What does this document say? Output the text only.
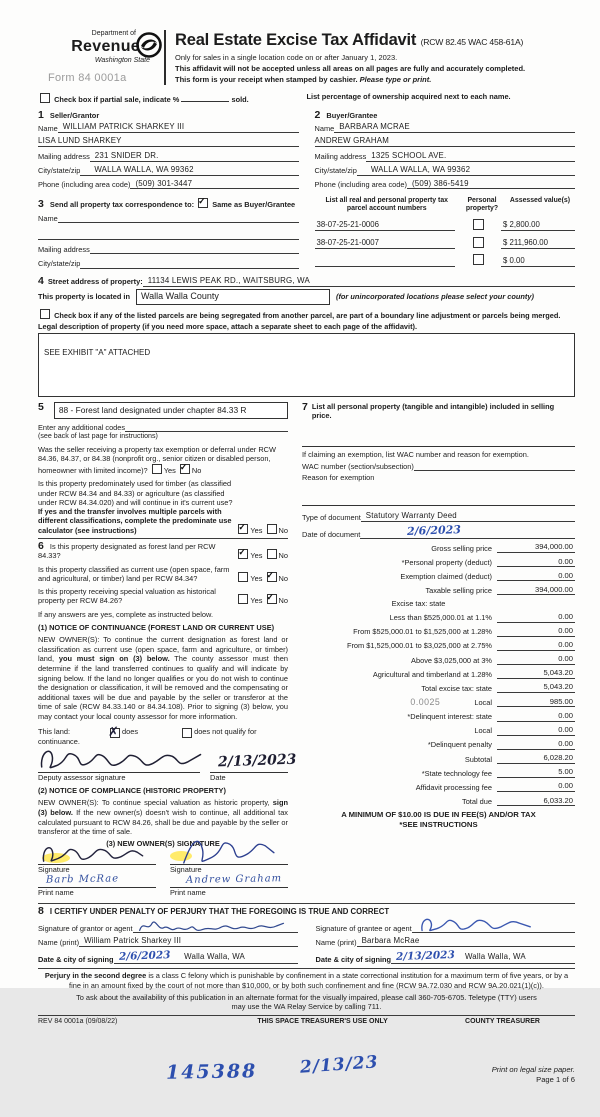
Department of
Revenue
Washington State
Form 84 0001a
Real Estate Excise Tax Affidavit (RCW 82.45 WAC 458-61A)
Only for sales in a single location code on or after January 1, 2023.
This affidavit will not be accepted unless all areas on all pages are fully and accurately completed.
This form is your receipt when stamped by cashier. Please type or print.
Check box if partial sale, indicate %	sold.	List percentage of ownership acquired next to each name.
1 Seller/Grantor
Name WILLIAM PATRICK SHARKEY III
LISA LUND SHARKEY
Mailing address 231 SNIDER DR.
City/state/zip	WALLA WALLA, WA 99362
Phone (including area code) (509) 301-3447
2 Buyer/Grantee
Name BARBARA MCRAE
ANDREW GRAHAM
Mailing address 1325 SCHOOL AVE.
City/state/zip	WALLA WALLA, WA 99362
Phone (including area code) (509) 386-5419
3 Send all property tax correspondence to: ✓ Same as Buyer/Grantee
Name
Mailing address
City/state/zip
List all real and personal property tax parcel account numbers
Personal property?
Assessed value(s)
38-07-25-21-0006	$ 2,800.00
38-07-25-21-0007	$ 211,960.00
$ 0.00
4 Street address of property: 11134 LEWIS PEAK RD., WAITSBURG, WA
This property is located in	Walla Walla County	(for unincorporated locations please select your county)
Check box if any of the listed parcels are being segregated from another parcel, are part of a boundary line adjustment or parcels being merged.
Legal description of property (if you need more space, attach a separate sheet to each page of the affidavit).
SEE EXHIBIT "A" ATTACHED
5	88 - Forest land designated under chapter 84.33 R
Enter any additional codes
(see back of last page for instructions)
Was the seller receiving a property tax exemption or deferral under RCW 84.36, 84.37, or 84.38 (nonprofit org., senior citizen or disabled person, homeowner with limited income)? Yes ✓ No
Is this property predominately used for timber (as classified under RCW 84.34 and 84.33) or agriculture (as classified under RCW 84.34.020) and will continue in it's current use? If yes and the transfer involves multiple parcels with different classifications, complete the predominate use calculator (see instructions) ✓	Yes No
6 Is this property designated as forest land per RCW 84.33? ✓	Yes No
Is this property classified as current use (open space, farm and agricultural, or timber) land per RCW 84.34?	Yes ✓ No
Is this property receiving special valuation as historical property per RCW 84.26?	Yes ✓ No
If any answers are yes, complete as instructed below.
(1) NOTICE OF CONTINUANCE (FOREST LAND OR CURRENT USE)
NEW OWNER(S): To continue the current designation as forest land or classification as current use (open space, farm and agriculture, or timber) land, you must sign on (3) below. The county assessor must then determine if the land transferred continues to qualify and will indicate by signing below. If the land no longer qualifies or you do not wish to continue the designation or classification, it will be removed and the compensating or additional taxes will be due and payable by the seller or transferor at the time of sale (RCW 84.33.140 or 84.34.108). Prior to signing (3) below, you may contact your local county assessor for more information.
This land: ✗	does	does not qualify for
continuance.
2/13/2023
Deputy assessor signature	Date
(2) NOTICE OF COMPLIANCE (HISTORIC PROPERTY)
NEW OWNER(S): To continue special valuation as historic property, sign (3) below. If the new owner(s) doesn't wish to continue, all additional tax calculated pursuant to RCW 84.26, shall be due and payable by the seller or transferor at the time of sale.
(3) NEW OWNER(S) SIGNATURE
Signature
Barb McRae
Print name
Signature
Andrew Graham
Print name
7 List all personal property (tangible and intangible) included in selling price.
If claiming an exemption, list WAC number and reason for exemption.
WAC number (section/subsection)
Reason for exemption
Type of document Statutory Warranty Deed
Date of document	2/6/2023
Gross selling price	394,000.00
*Personal property (deduct)	0.00
Exemption claimed (deduct)	0.00
Taxable selling price	394,000.00
Excise tax: state
Less than $525,000.01 at 1.1%	0.00
From $525,000.01 to $1,525,000 at 1.28%	0.00
From $1,525,000.01 to $3,025,000 at 2.75%	0.00
Above $3,025,000 at 3%	0.00
Agricultural and timberland at 1.28%	5,043.20
Total excise tax: state	5,043.20
0.0025	Local	985.00
*Delinquent interest: state	0.00
Local	0.00
*Delinquent penalty	0.00
Subtotal	6,028.20
*State technology fee	5.00
Affidavit processing fee	0.00
Total due	6,033.20
A MINIMUM OF $10.00 IS DUE IN FEE(S) AND/OR TAX
*SEE INSTRUCTIONS
8 I CERTIFY UNDER PENALTY OF PERJURY THAT THE FOREGOING IS TRUE AND CORRECT
Signature of grantor or agent
Name (print) William Patrick Sharkey III
Date & city of signing 2/6/2023 Walla Walla, WA
Signature of grantee or agent
Name (print) Barbara McRae
Date & city of signing 2/13/2023 Walla Walla, WA
Perjury in the second degree is a class C felony which is punishable by confinement in a state correctional institution for a maximum term of five years, or by a fine in an amount fixed by the court of not more than $10,000, or by both such confinement and fine (RCW 9A.72.030 and RCW 9A.20.021(1)(c)).
To ask about the availability of this publication in an alternate format for the visually impaired, please call 360-705-6705. Teletype (TTY) users may use the WA Relay Service by calling 711.
REV 84 0001a (09/08/22)	THIS SPACE TREASURER'S USE ONLY	COUNTY TREASURER
145388 2/13/23	Print on legal size paper.
Page 1 of 6
